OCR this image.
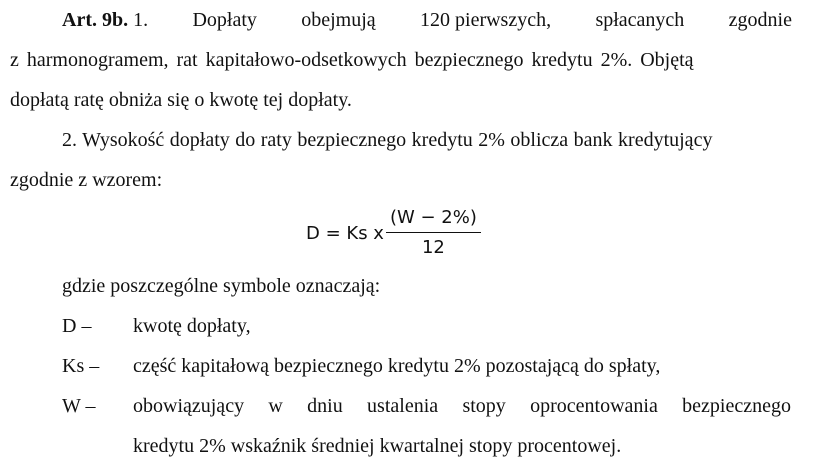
Art. 9b. 1. Dopłaty obejmują 120 pierwszych, spłacanych zgodnie
z harmonogramem, rat kapitałowo-odsetkowych bezpiecznego kredytu 2%. Objętą
dopłatą ratę obniża się o kwotę tej dopłaty.
2. Wysokość dopłaty do raty bezpiecznego kredytu 2% oblicza bank kredytujący
zgodnie z wzorem:
D = Ks x $\frac{(W - 2\%)}{12}$
gdzie poszczególne symbole oznaczają:
D – kwotę dopłaty,
Ks – część kapitałową bezpiecznego kredytu 2% pozostającą do spłaty,
W – obowiązujący w dniu ustalenia stopy oprocentowania bezpiecznego
kredytu 2% wskaźnik średniej kwartalnej stopy procentowej.
